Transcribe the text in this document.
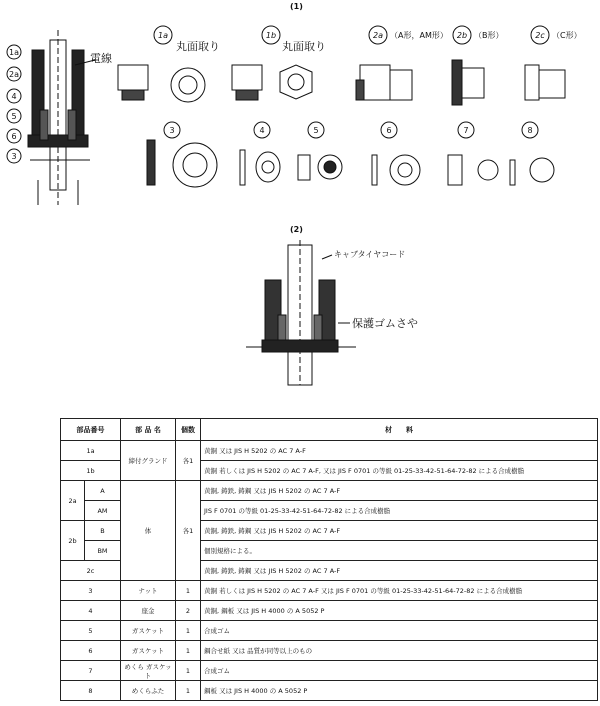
(1)
(2)
電線
1a
2a
4
5
6
3
1a	1b	2a	2b	2c
丸面取り	丸面取り
（A形，AM形）	（B形）	（C形）
3	4	5	6	7	8
キャブタイヤコード
保護ゴムさや
部品番号		部 品 名	個数	材　　料
1a		締付グランド	各1	黄銅 又は JIS H 5202 の AC 7 A-F
1b				黄銅 若しくは JIS H 5202 の AC 7 A-F, 又は JIS F 0701 の等級 01-25-33-42-51-64-72-82 による合成樹脂
2a	A	体	各1	黄銅, 鋳鉄, 鋳鋼 又は JIS H 5202 の AC 7 A-F
	AM			JIS F 0701 の等級 01-25-33-42-51-64-72-82 による合成樹脂
2b	B			黄銅, 鋳鉄, 鋳鋼 又は JIS H 5202 の AC 7 A-F
	BM			個別規格による。
2c				黄銅, 鋳鉄, 鋳鋼 又は JIS H 5202 の AC 7 A-F
3		ナット	1	黄銅 若しくは JIS H 5202 の AC 7 A-F 又は JIS F 0701 の等級 01-25-33-42-51-64-72-82 による合成樹脂
4		座金	2	黄銅, 鋼板 又は JIS H 4000 の A 5052 P
5		ガスケット	1	合成ゴム
6		ガスケット	1	鋼合せ紙 又は 品質が同等以上のもの
7		めくら ガスケット	1	合成ゴム
8		めくらふた	1	鋼板 又は JIS H 4000 の A 5052 P
